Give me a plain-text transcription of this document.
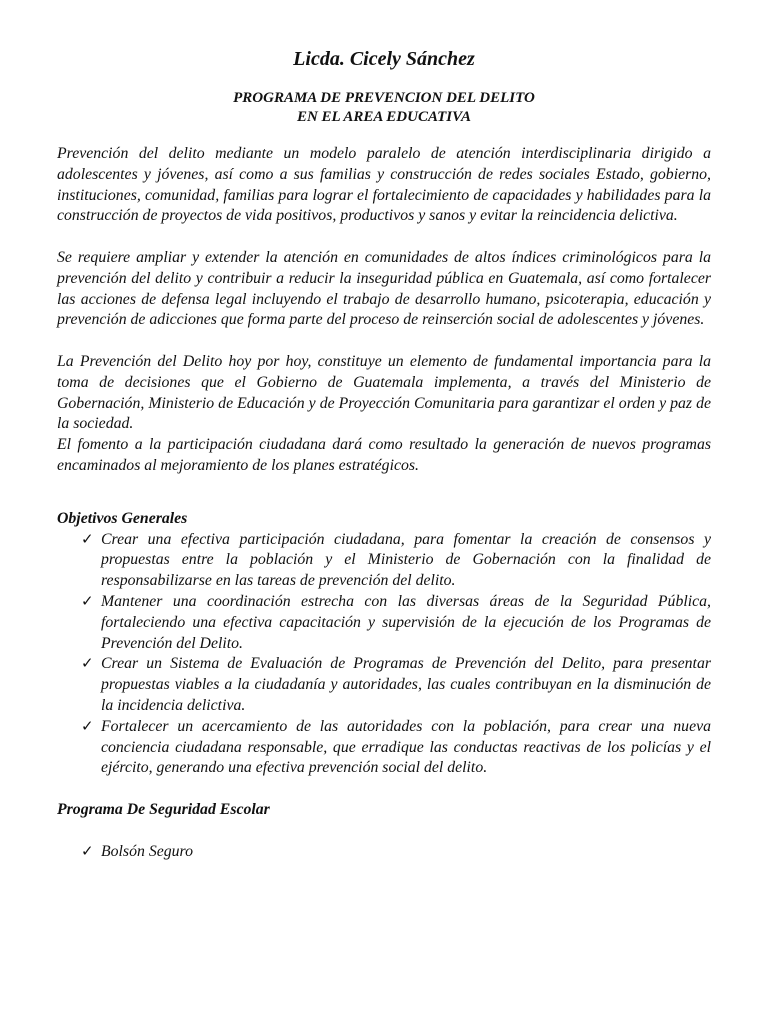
Licda. Cicely Sánchez
PROGRAMA DE PREVENCION DEL DELITO
EN EL AREA EDUCATIVA

Prevención del delito mediante un modelo paralelo de atención interdisciplinaria dirigido a adolescentes y jóvenes, así como a sus familias y construcción de redes sociales Estado, gobierno, instituciones, comunidad, familias para lograr el fortalecimiento de capacidades y habilidades para la construcción de proyectos de vida positivos, productivos y sanos y evitar la reincidencia delictiva.

Se requiere ampliar y extender la atención en comunidades de altos índices criminológicos para la prevención del delito y contribuir a reducir la inseguridad pública en Guatemala, así como fortalecer las acciones de defensa legal incluyendo el trabajo de desarrollo humano, psicoterapia, educación y prevención de adicciones que forma parte del proceso de reinserción social de adolescentes y jóvenes.

La Prevención del Delito hoy por hoy, constituye un elemento de fundamental importancia para la toma de decisiones que el Gobierno de Guatemala implementa, a través del Ministerio de Gobernación, Ministerio de Educación y de Proyección Comunitaria para garantizar el orden y paz de la sociedad.

El fomento a la participación ciudadana dará como resultado la generación de nuevos programas encaminados al mejoramiento de los planes estratégicos.

Objetivos Generales

✓ Crear una efectiva participación ciudadana, para fomentar la creación de consensos y propuestas entre la población y el Ministerio de Gobernación con la finalidad de responsabilizarse en las tareas de prevención del delito.
✓ Mantener una coordinación estrecha con las diversas áreas de la Seguridad Pública, fortaleciendo una efectiva capacitación y supervisión de la ejecución de los Programas de Prevención del Delito.
✓ Crear un Sistema de Evaluación de Programas de Prevención del Delito, para presentar propuestas viables a la ciudadanía y autoridades, las cuales contribuyan en la disminución de la incidencia delictiva.
✓ Fortalecer un acercamiento de las autoridades con la población, para crear una nueva conciencia ciudadana responsable, que erradique las conductas reactivas de los policías y el ejército, generando una efectiva prevención social del delito.

Programa De Seguridad Escolar

✓ Bolsón Seguro
